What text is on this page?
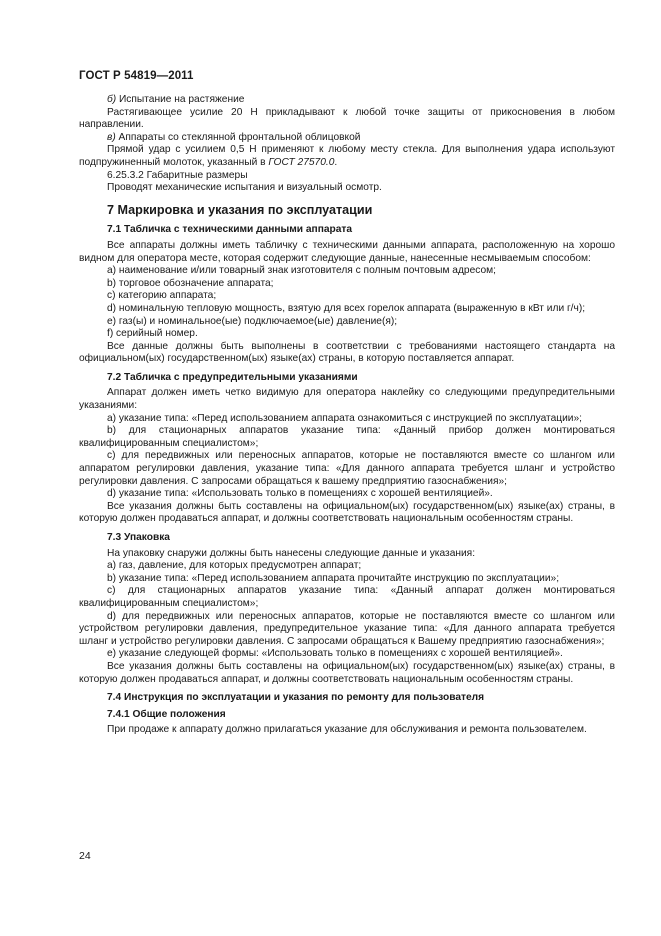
ГОСТ Р 54819—2011

б) Испытание на растяжение

Растягивающее усилие 20 Н прикладывают к любой точке защиты от прикосновения в любом направлении.

в) Аппараты со стеклянной фронтальной облицовкой

Прямой удар с усилием 0,5 Н применяют к любому месту стекла. Для выполнения удара используют подпружиненный молоток, указанный в ГОСТ 27570.0.

6.25.3.2 Габаритные размеры

Проводят механические испытания и визуальный осмотр.

7 Маркировка и указания по эксплуатации

7.1 Табличка с техническими данными аппарата

Все аппараты должны иметь табличку с техническими данными аппарата, расположенную на хорошо видном для оператора месте, которая содержит следующие данные, нанесенные несмываемым способом:

a) наименование и/или товарный знак изготовителя с полным почтовым адресом;

b) торговое обозначение аппарата;

c) категорию аппарата;

d) номинальную тепловую мощность, взятую для всех горелок аппарата (выраженную в кВт или г/ч);

e) газ(ы) и номинальное(ые) подключаемое(ые) давление(я);

f) серийный номер.

Все данные должны быть выполнены в соответствии с требованиями настоящего стандарта на официальном(ых) государственном(ых) языке(ах) страны, в которую поставляется аппарат.

7.2 Табличка с предупредительными указаниями

Аппарат должен иметь четко видимую для оператора наклейку со следующими предупредительными указаниями:

a) указание типа: «Перед использованием аппарата ознакомиться с инструкцией по эксплуатации»;

b) для стационарных аппаратов указание типа: «Данный прибор должен монтироваться квалифицированным специалистом»;

c) для передвижных или переносных аппаратов, которые не поставляются вместе со шлангом или аппаратом регулировки давления, указание типа: «Для данного аппарата требуется шланг и устройство регулировки давления. С запросами обращаться к вашему предприятию газоснабжения»;

d) указание типа: «Использовать только в помещениях с хорошей вентиляцией».

Все указания должны быть составлены на официальном(ых) государственном(ых) языке(ах) страны, в которую должен продаваться аппарат, и должны соответствовать национальным особенностям страны.

7.3 Упаковка

На упаковку снаружи должны быть нанесены следующие данные и указания:

a) газ, давление, для которых предусмотрен аппарат;

b) указание типа: «Перед использованием аппарата прочитайте инструкцию по эксплуатации»;

c) для стационарных аппаратов указание типа: «Данный аппарат должен монтироваться квалифицированным специалистом»;

d) для передвижных или переносных аппаратов, которые не поставляются вместе со шлангом или устройством регулировки давления, предупредительное указание типа: «Для данного аппарата требуется шланг и устройство регулировки давления. С запросами обращаться к Вашему предприятию газоснабжения»;

e) указание следующей формы: «Использовать только в помещениях с хорошей вентиляцией».

Все указания должны быть составлены на официальном(ых) государственном(ых) языке(ах) страны, в которую должен продаваться аппарат, и должны соответствовать национальным особенностям страны.

7.4 Инструкция по эксплуатации и указания по ремонту для пользователя

7.4.1 Общие положения

При продаже к аппарату должно прилагаться указание для обслуживания и ремонта пользователем.

24
